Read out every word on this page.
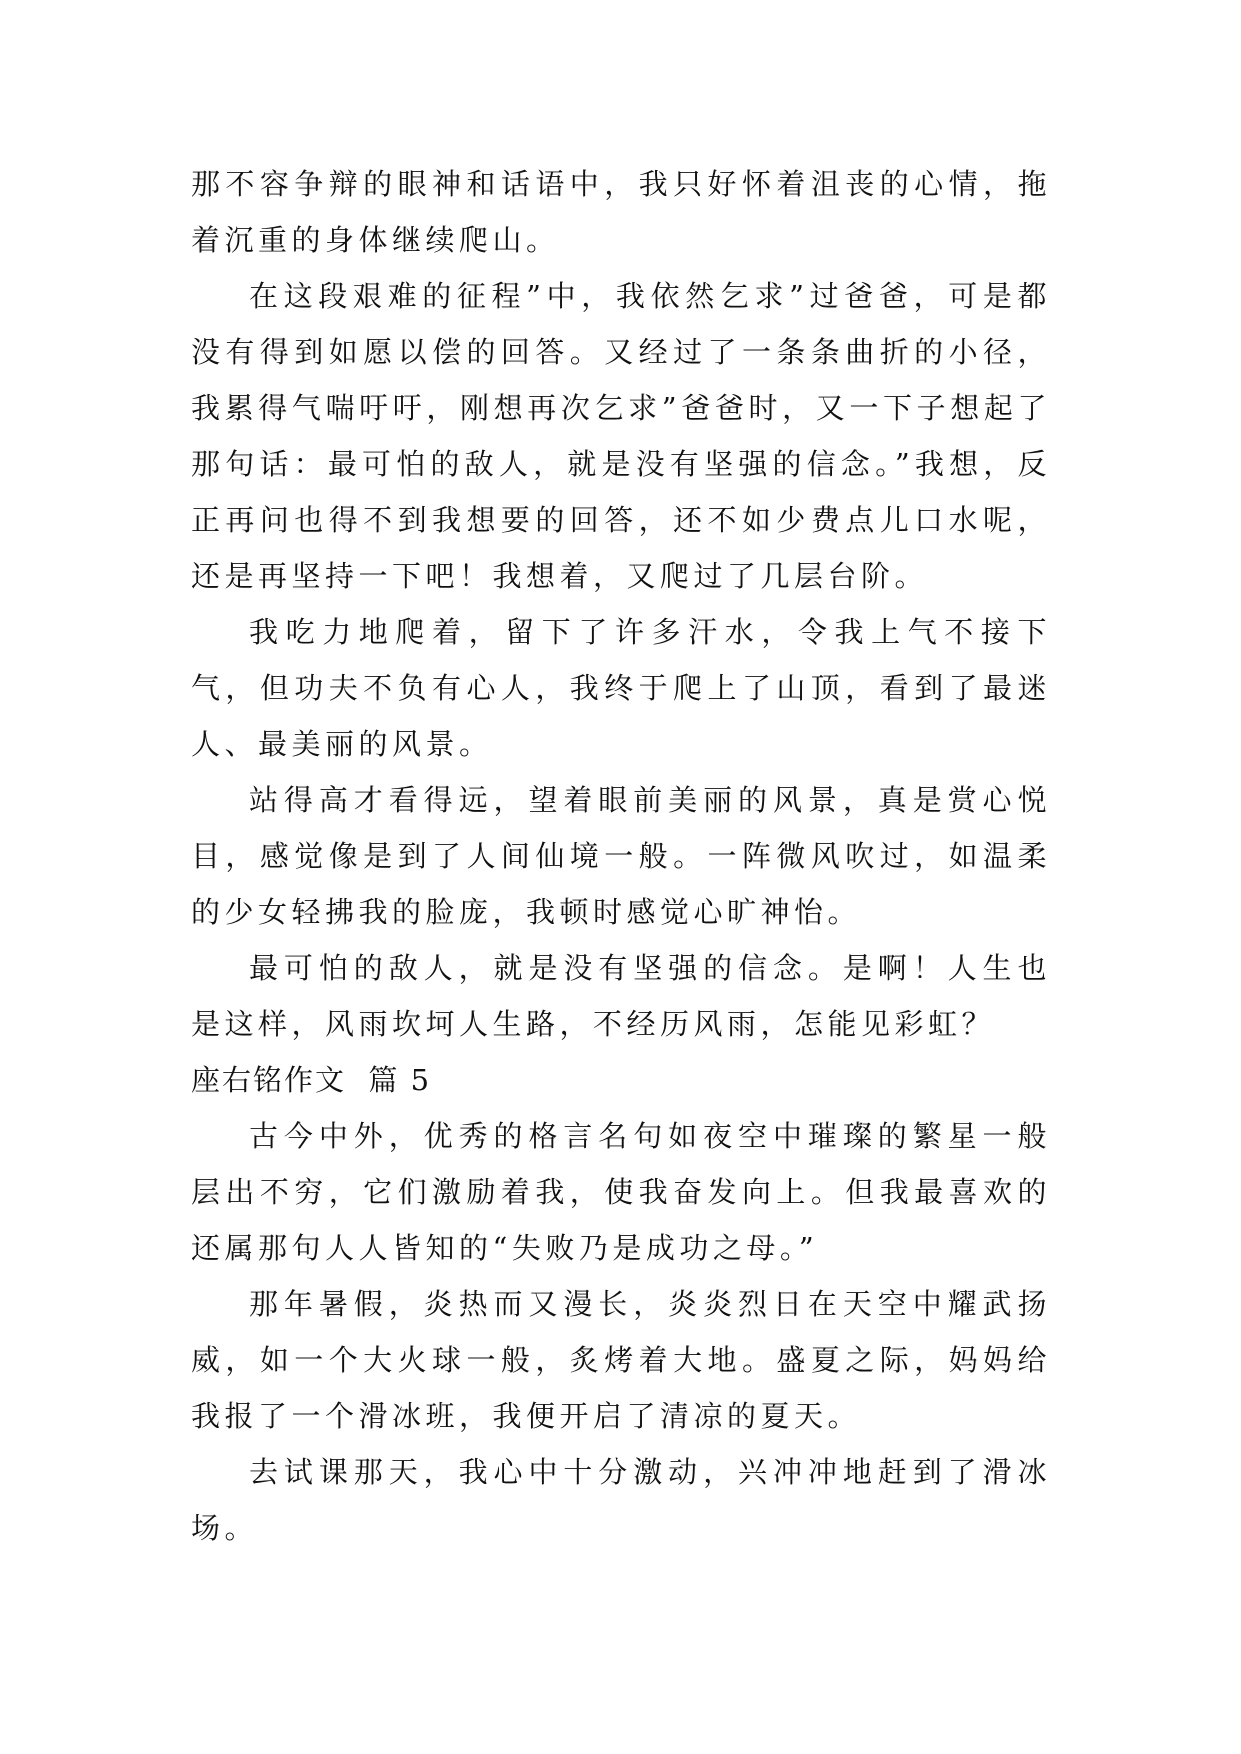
那不容争辩的眼神和话语中，我只好怀着沮丧的心情，拖着沉重的身体继续爬山。

在这段艰难的征程”中，我依然乞求”过爸爸，可是都没有得到如愿以偿的回答。又经过了一条条曲折的小径，我累得气喘吁吁，刚想再次乞求”爸爸时，又一下子想起了那句话：最可怕的敌人，就是没有坚强的信念。”我想，反正再问也得不到我想要的回答，还不如少费点儿口水呢，还是再坚持一下吧！我想着，又爬过了几层台阶。

我吃力地爬着，留下了许多汗水，令我上气不接下气，但功夫不负有心人，我终于爬上了山顶，看到了最迷人、最美丽的风景。

站得高才看得远，望着眼前美丽的风景，真是赏心悦目，感觉像是到了人间仙境一般。一阵微风吹过，如温柔的少女轻拂我的脸庞，我顿时感觉心旷神怡。

最可怕的敌人，就是没有坚强的信念。是啊！人生也是这样，风雨坎坷人生路，不经历风雨，怎能见彩虹？

座右铭作文  篇 5

古今中外，优秀的格言名句如夜空中璀璨的繁星一般层出不穷，它们激励着我，使我奋发向上。但我最喜欢的还属那句人人皆知的“失败乃是成功之母。”

那年暑假，炎热而又漫长，炎炎烈日在天空中耀武扬威，如一个大火球一般，炙烤着大地。盛夏之际，妈妈给我报了一个滑冰班，我便开启了清凉的夏天。

去试课那天，我心中十分激动，兴冲冲地赶到了滑冰场。
